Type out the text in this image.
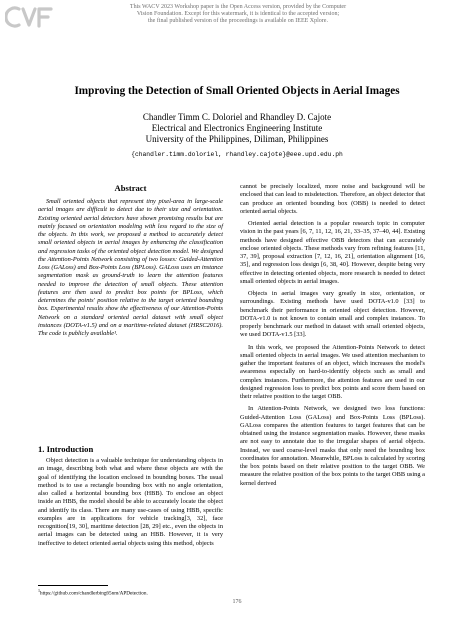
This WACV 2023 Workshop paper is the Open Access version, provided by the Computer
Vision Foundation. Except for this watermark, it is identical to the accepted version;
the final published version of the proceedings is available on IEEE Xplore.
Improving the Detection of Small Oriented Objects in Aerial Images
Chandler Timm C. Doloriel and Rhandley D. Cajote
Electrical and Electronics Engineering Institute
University of the Philippines, Diliman, Philippines
{chandler.timm.doloriel, rhandley.cajote}@eee.upd.edu.ph
Abstract

Small oriented objects that represent tiny pixel-area in large-scale aerial images are difficult to detect due to their size and orientation. Existing oriented aerial detectors have shown promising results but are mainly focused on orientation modeling with less regard to the size of the objects. In this work, we proposed a method to accurately detect small oriented objects in aerial images by enhancing the classification and regression tasks of the oriented object detection model. We designed the Attention-Points Network consisting of two losses: Guided-Attention Loss (GALoss) and Box-Points Loss (BPLoss). GALoss uses an instance segmentation mask as ground-truth to learn the attention features needed to improve the detection of small objects. These attention features are then used to predict box points for BPLoss, which determines the points' position relative to the target oriented bounding box. Experimental results show the effectiveness of our Attention-Points Network on a standard oriented aerial dataset with small object instances (DOTA-v1.5) and on a maritime-related dataset (HRSC2016). The code is publicly available¹.

1. Introduction

Object detection is a valuable technique for understanding objects in an image, describing both what and where these objects are with the goal of identifying the location enclosed in bounding boxes. The usual method is to use a rectangle bounding box with no angle orientation, also called a horizontal bounding box (HBB). To enclose an object inside an HBB, the model should be able to accurately locate the object and identify its class. There are many use-cases of using HBB, specific examples are in applications for vehicle tracking[3, 32], face recognition[19, 30], maritime detection [28, 29] etc., even the objects in aerial images can be detected using an HBB. However, it is very ineffective to detect oriented aerial objects using this method, objects

cannot be precisely localized, more noise and background will be enclosed that can lead to misdetection. Therefore, an object detector that can produce an oriented bounding box (OBB) is needed to detect oriented aerial objects.

Oriented aerial detection is a popular research topic in computer vision in the past years [6, 7, 11, 12, 16, 21, 33–35, 37–40, 44]. Existing methods have designed effective OBB detectors that can accurately enclose oriented objects. These methods vary from refining features [11, 37, 39], proposal extraction [7, 12, 16, 21], orientation alignment [16, 35], and regression loss design [6, 38, 40]. However, despite being very effective in detecting oriented objects, more research is needed to detect small oriented objects in aerial images.

Objects in aerial images vary greatly in size, orientation, or surroundings. Existing methods have used DOTA-v1.0 [33] to benchmark their performance in oriented object detection. However, DOTA-v1.0 is not known to contain small and complex instances. To properly benchmark our method in dataset with small oriented objects, we used DOTA-v1.5 [33].

In this work, we proposed the Attention-Points Network to detect small oriented objects in aerial images. We used attention mechanism to gather the important features of an object, which increases the model's awareness especially on hard-to-identify objects such as small and complex instances. Furthermore, the attention features are used in our designed regression loss to predict box points and score them based on their relative position to the target OBB.

In Attention-Points Network, we designed two loss functions: Guided-Attention Loss (GALoss) and Box-Points Loss (BPLoss). GALoss compares the attention features to target features that can be obtained using the instance segmentation masks. However, these masks are not easy to annotate due to the irregular shapes of aerial objects. Instead, we used coarse-level masks that only need the bounding box coordinates for annotation. Meanwhile, BPLoss is calculated by scoring the box points based on their relative position to the target OBB. We measure the relative position of the box points to the target OBB using a kernel derived

$^1$https://github.com/chandlerbing65nm/APDetection.
176
